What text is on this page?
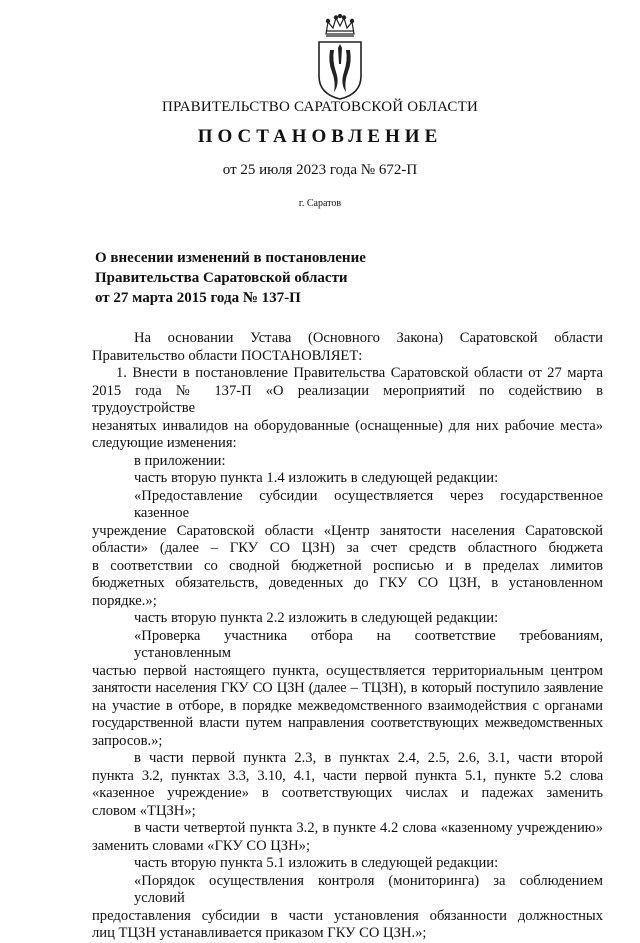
ПРАВИТЕЛЬСТВО САРАТОВСКОЙ ОБЛАСТИ
ПОСТАНОВЛЕНИЕ
от 25 июля 2023 года № 672-П
г. Саратов
О внесении изменений в постановление
Правительства Саратовской области
от 27 марта 2015 года № 137-П

На основании Устава (Основного Закона) Саратовской области
Правительство области ПОСТАНОВЛЯЕТ:

1. Внести в постановление Правительства Саратовской области от 27 марта
2015 года № 137-П «О реализации мероприятий по содействию в трудоустройстве
незанятых инвалидов на оборудованные (оснащенные) для них рабочие места»
следующие изменения:

в приложении:

часть вторую пункта 1.4 изложить в следующей редакции:

«Предоставление субсидии осуществляется через государственное казенное
учреждение Саратовской области «Центр занятости населения Саратовской
области» (далее – ГКУ СО ЦЗН) за счет средств областного бюджета
в соответствии со сводной бюджетной росписью и в пределах лимитов
бюджетных обязательств, доведенных до ГКУ СО ЦЗН, в установленном
порядке.»;

часть вторую пункта 2.2 изложить в следующей редакции:

«Проверка участника отбора на соответствие требованиям, установленным
частью первой настоящего пункта, осуществляется территориальным центром
занятости населения ГКУ СО ЦЗН (далее – ТЦЗН), в который поступило заявление
на участие в отборе, в порядке межведомственного взаимодействия с органами
государственной власти путем направления соответствующих межведомственных
запросов.»;

в части первой пункта 2.3, в пунктах 2.4, 2.5, 2.6, 3.1, части второй
пункта 3.2, пунктах 3.3, 3.10, 4.1, части первой пункта 5.1, пункте 5.2 слова
«казенное учреждение» в соответствующих числах и падежах заменить
словом «ТЦЗН»;

в части четвертой пункта 3.2, в пункте 4.2 слова «казенному учреждению»
заменить словами «ГКУ СО ЦЗН»;

часть вторую пункта 5.1 изложить в следующей редакции:

«Порядок осуществления контроля (мониторинга) за соблюдением условий
предоставления субсидии в части установления обязанности должностных
лиц ТЦЗН устанавливается приказом ГКУ СО ЦЗН.»;
